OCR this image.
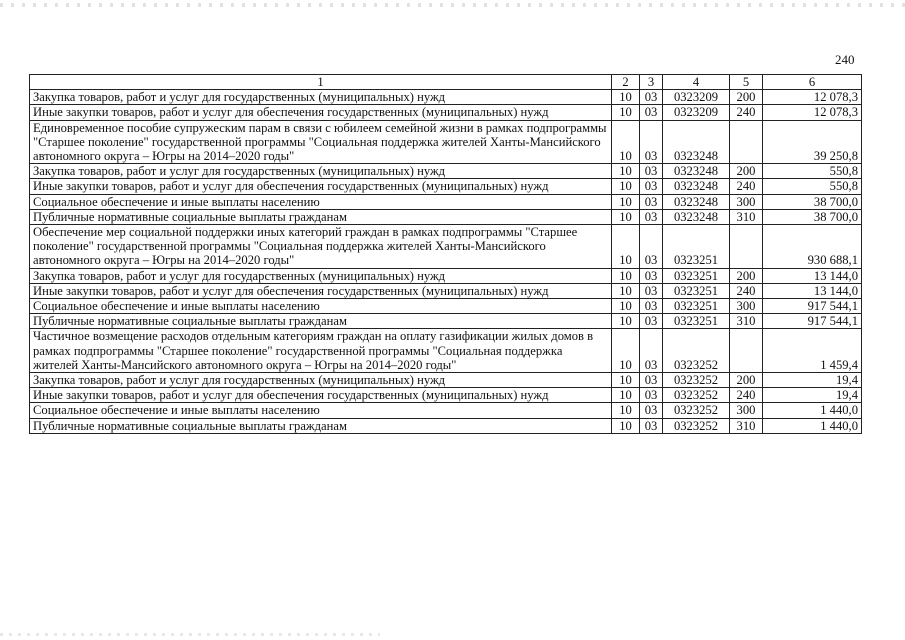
240
1	2	3	4	5	6
Закупка товаров, работ и услуг для государственных (муниципальных) нужд	10	03	0323209	200	12 078,3
Иные закупки товаров, работ и услуг для обеспечения государственных (муниципальных) нужд	10	03	0323209	240	12 078,3
Единовременное пособие супружеским парам в связи с юбилеем семейной жизни в рамках подпрограммы "Старшее поколение" государственной программы "Социальная поддержка жителей Ханты-Мансийского автономного округа – Югры на 2014–2020 годы"	10	03	0323248		39 250,8
Закупка товаров, работ и услуг для государственных (муниципальных) нужд	10	03	0323248	200	550,8
Иные закупки товаров, работ и услуг для обеспечения государственных (муниципальных) нужд	10	03	0323248	240	550,8
Социальное обеспечение и иные выплаты населению	10	03	0323248	300	38 700,0
Публичные нормативные социальные выплаты гражданам	10	03	0323248	310	38 700,0
Обеспечение мер социальной поддержки иных категорий граждан в рамках подпрограммы "Старшее поколение" государственной программы "Социальная поддержка жителей Ханты-Мансийского автономного округа – Югры на 2014–2020 годы"	10	03	0323251		930 688,1
Закупка товаров, работ и услуг для государственных (муниципальных) нужд	10	03	0323251	200	13 144,0
Иные закупки товаров, работ и услуг для обеспечения государственных (муниципальных) нужд	10	03	0323251	240	13 144,0
Социальное обеспечение и иные выплаты населению	10	03	0323251	300	917 544,1
Публичные нормативные социальные выплаты гражданам	10	03	0323251	310	917 544,1
Частичное возмещение расходов отдельным категориям граждан на оплату газификации жилых домов в рамках подпрограммы "Старшее поколение" государственной программы "Социальная поддержка жителей Ханты-Мансийского автономного округа – Югры на 2014–2020 годы"	10	03	0323252		1 459,4
Закупка товаров, работ и услуг для государственных (муниципальных) нужд	10	03	0323252	200	19,4
Иные закупки товаров, работ и услуг для обеспечения государственных (муниципальных) нужд	10	03	0323252	240	19,4
Социальное обеспечение и иные выплаты населению	10	03	0323252	300	1 440,0
Публичные нормативные социальные выплаты гражданам	10	03	0323252	310	1 440,0
